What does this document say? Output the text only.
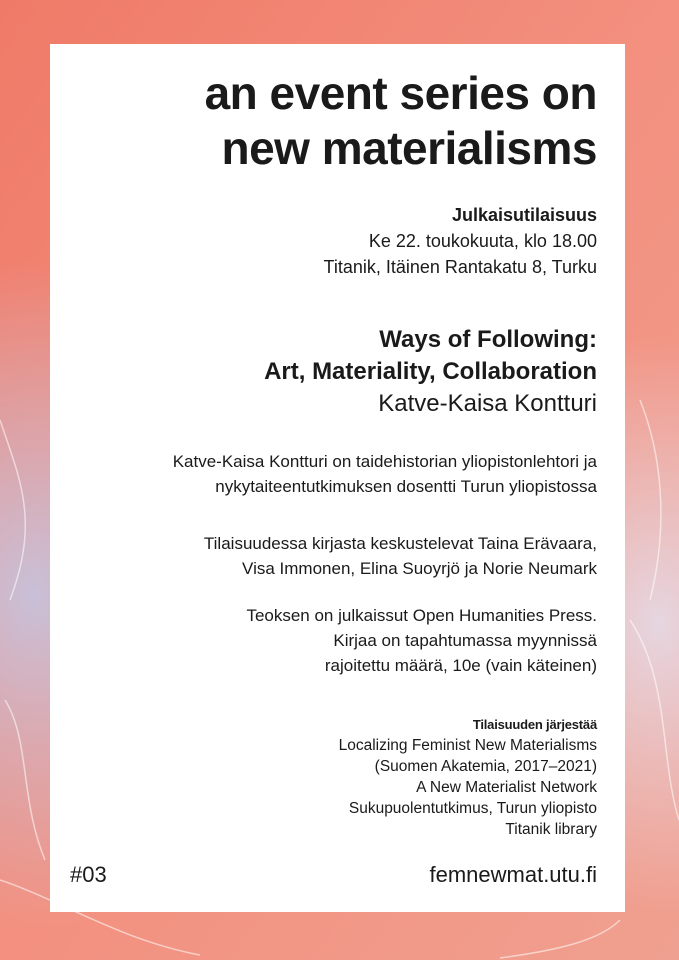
an event series on
new materialisms
Julkaisutilaisuus
Ke 22. toukokuuta, klo 18.00
Titanik, Itäinen Rantakatu 8, Turku
Ways of Following:
Art, Materiality, Collaboration
Katve-Kaisa Kontturi
Katve-Kaisa Kontturi on taidehistorian yliopistonlehtori ja
nykytaiteentutkimuksen dosentti Turun yliopistossa
Tilaisuudessa kirjasta keskustelevat Taina Erävaara,
Visa Immonen, Elina Suoyrjö ja Norie Neumark
Teoksen on julkaissut Open Humanities Press.
Kirjaa on tapahtumassa myynnissä
rajoitettu määrä, 10e (vain käteinen)
Tilaisuuden järjestää
Localizing Feminist New Materialisms
(Suomen Akatemia, 2017–2021)
A New Materialist Network
Sukupuolentutkimus, Turun yliopisto
Titanik library
#03	femnewmat.utu.fi
